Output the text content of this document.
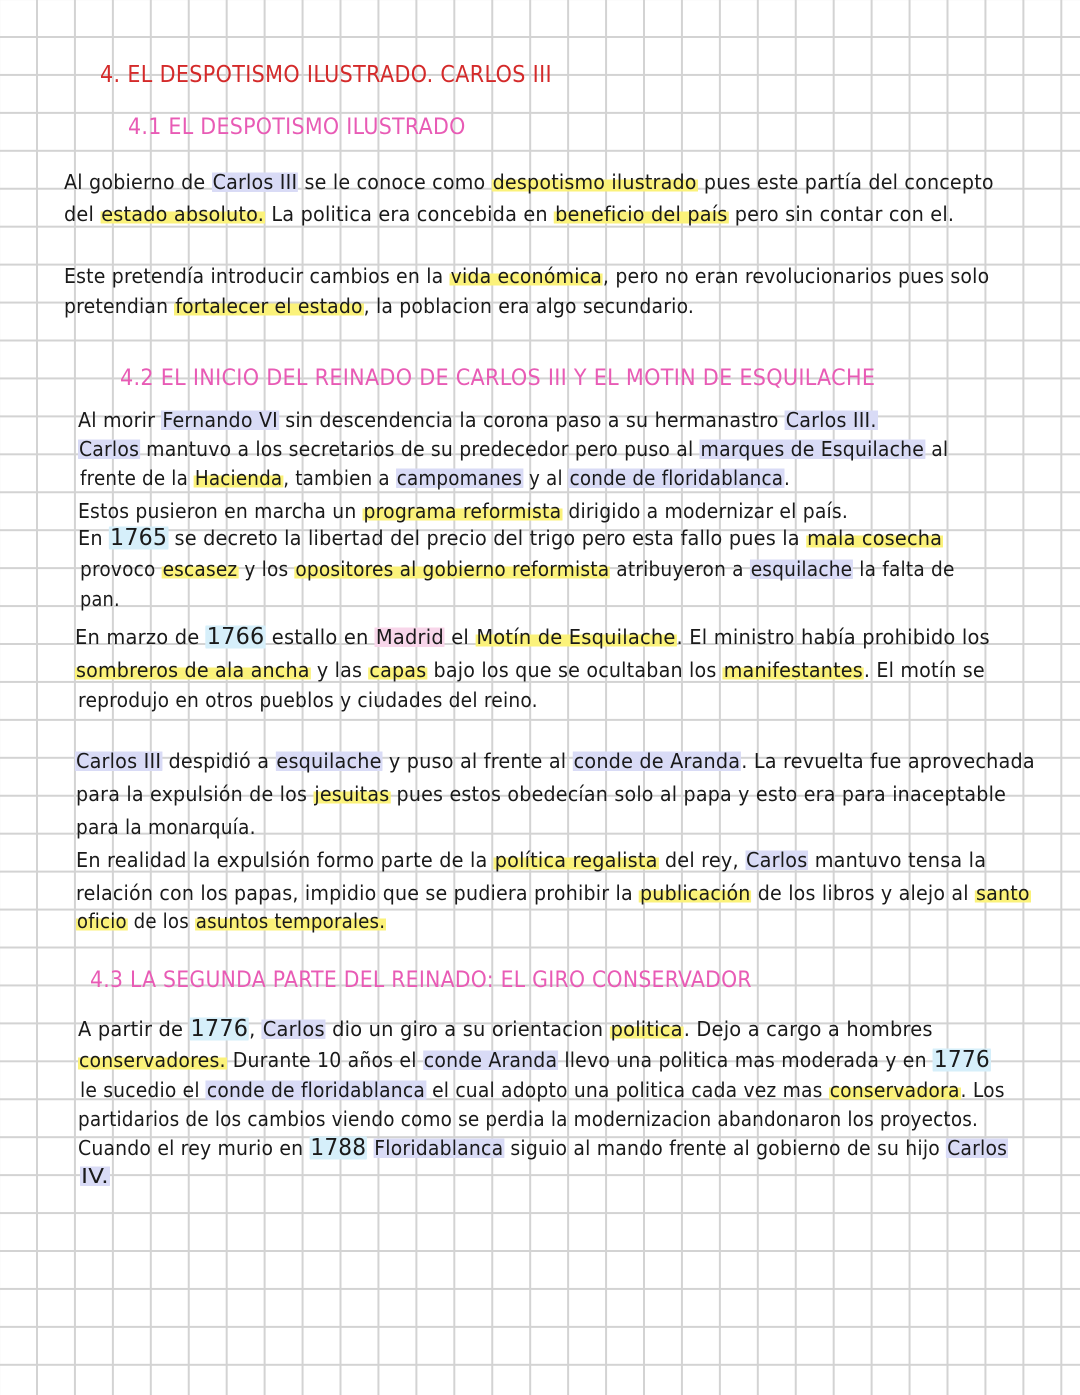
4. EL DESPOTISMO ILUSTRADO. CARLOS III
4.1 EL DESPOTISMO ILUSTRADO
4.2 EL INICIO DEL REINADO DE CARLOS III Y EL MOTIN DE ESQUILACHE
4.3 LA SEGUNDA PARTE DEL REINADO: EL GIRO CONSERVADOR
Al gobierno de Carlos III se le conoce como despotismo ilustrado pues este partía del concepto
del estado absoluto. La politica era concebida en beneficio del país pero sin contar con el.
Este pretendía introducir cambios en la vida económica, pero no eran revolucionarios pues solo
pretendian fortalecer el estado, la poblacion era algo secundario.
Al morir Fernando VI sin descendencia la corona paso a su hermanastro Carlos III.
Carlos mantuvo a los secretarios de su predecedor pero puso al marques de Esquilache al
frente de la Hacienda, tambien a campomanes y al conde de floridablanca.
Estos pusieron en marcha un programa reformista dirigido a modernizar el país.
En 1765 se decreto la libertad del precio del trigo pero esta fallo pues la mala cosecha
provoco escasez y los opositores al gobierno reformista atribuyeron a esquilache la falta de
pan.
En marzo de 1766 estallo en Madrid el Motín de Esquilache. El ministro había prohibido los
sombreros de ala ancha y las capas bajo los que se ocultaban los manifestantes. El motín se
reprodujo en otros pueblos y ciudades del reino.
Carlos III despidió a esquilache y puso al frente al conde de Aranda. La revuelta fue aprovechada
para la expulsión de los jesuitas pues estos obedecían solo al papa y esto era para inaceptable
para la monarquía.
En realidad la expulsión formo parte de la política regalista del rey, Carlos mantuvo tensa la
relación con los papas, impidio que se pudiera prohibir la publicación de los libros y alejo al santo
oficio de los asuntos temporales.
A partir de 1776, Carlos dio un giro a su orientacion politica. Dejo a cargo a hombres
conservadores. Durante 10 años el conde Aranda llevo una politica mas moderada y en 1776
le sucedio el conde de floridablanca el cual adopto una politica cada vez mas conservadora. Los
partidarios de los cambios viendo como se perdia la modernizacion abandonaron los proyectos.
Cuando el rey murio en 1788 Floridablanca siguio al mando frente al gobierno de su hijo Carlos
IV.
